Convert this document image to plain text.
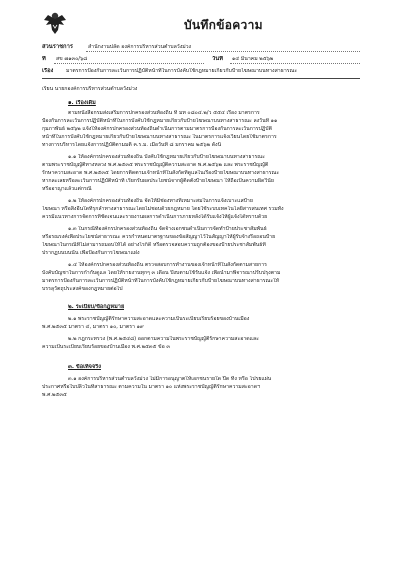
บันทึกข้อความ
ส่วนราชการ	สำนักงานปลัด องค์การบริหารส่วนตำบลวังม่วง
ที่ สข ๗๑๓๐/๖๘	วันที่ ๑๔ มีนาคม ๒๕๖๒
เรื่อง มาตรการป้องกันการละเว้นการปฏิบัติหน้าที่ในการบังคับใช้กฎหมายเกี่ยวกับป้ายโฆษณาบนทางสาธารณะ
เรียน นายกองค์การบริหารส่วนตำบลวังม่วง
๑. เรื่องเดิม
ตามหนังสือกรมส่งเสริมการปกครองส่วนท้องถิ่น ที่ มท ๐๘๐๔.๒/ว ๕๕๔ เรื่อง มาตรการ
ป้องกันการละเว้นการปฏิบัติหน้าที่ในการบังคับใช้กฎหมายเกี่ยวกับป้ายโฆษณาบนทางสาธารณะ ลงวันที่ ๑๑
กุมภาพันธ์ ๒๕๖๒ แจ้งให้องค์กรปกครองส่วนท้องถิ่นดำเนินการตามมาตรการป้องกันการละเว้นการปฏิบัติ
หน้าที่ในการบังคับใช้กฎหมายเกี่ยวกับป้ายโฆษณาบนทางสาธารณะ ในมาตรการแจ้งเวียนโดยใช้มาตรการ
ทางการบริหารโดยแจ้งการปฏิบัติตามมติ ค.ร.ม. เมื่อวันที่ ๘ มกราคม ๒๕๖๒ ดังนี้
๑.๑ ให้องค์กรปกครองส่วนท้องถิ่น บังคับใช้กฎหมายเกี่ยวกับป้ายโฆษณาบนทางสาธารณะ
ตามพระราชบัญญัติทางหลวง พ.ศ.๒๕๓๕ พระราชบัญญัติความสะอาด พ.ศ.๒๕๖๒ และ พระราชบัญญัติ
รักษาความสะอาด พ.ศ.๒๕๓๕ โดยการติดตามเจ้าหน้าที่ในสังกัดที่ดูแลในเรื่องป้ายโฆษณาบนทางสาธารณะ
หากละเลยหรือละเว้นการปฏิบัติหน้าที่ เรียกรับผลประโยชน์จากผู้ติดตั้งป้ายโฆษณา ให้ถือเป็นความผิดวินัย
หรืออาญาแล้วแต่กรณี
๑.๒ ให้องค์กรปกครองส่วนท้องถิ่น จัดให้มีช่องทางที่เหมาะสมในการแจ้งเบาะแสป้าย
โฆษณา หรือสิ่งอื่นใดที่รุกล้ำทางสาธารณะโดยไม่ชอบด้วยกฎหมาย โดยใช้ระบบเทคโนโลยีสารสนเทศ รวมทั้ง
ควรมีแนวทางการจัดการที่ชัดเจนและรายงานผลการดำเนินการภายหลังได้รับแจ้งให้ผู้แจ้งได้ทราบด้วย
๑.๓ ในกรณีที่องค์กรปกครองส่วนท้องถิ่น จัดจ้างเอกชนดำเนินการจัดทำป้ายประชาสัมพันธ์
หรือรณรงค์เพื่อประโยชน์สาธารณะ ควรกำหนดมาตรฐานของข้อสัญญาไว้ในสัญญาให้ผู้รับจ้างรื้อถอนป้าย
โฆษณาในกรณีที่ไม่สามารถมอบให้ได้ อย่างไรก็ดี หรือตรวจสอบความถูกต้องของป้ายประชาสัมพันธ์ที่
ปรากฏบนบนนั้น เพื่อป้องกันการโฆษณาแฝง
๑.๔ ให้องค์กรปกครองส่วนท้องถิ่น ตรวจสอบการทำงานของเจ้าหน้าที่ในสังกัดตามสายการ
บังคับบัญชาในการกำกับดูแล โดยให้รายงานทุกๆ ๓ เดือน ปีงบตามใช้รับแจ้ง เพื่อนำมาพิจารณาปรับปรุงตาม
มาตรการป้องกันการละเว้นการปฏิบัติหน้าที่ในการบังคับใช้กฎหมายเกี่ยวกับป้ายโฆษณาบนทางสาธารณะให้
บรรลุวัตถุประสงค์ของกฎหมายต่อไป
๒. ระเบียบ/ข้อกฎหมาย
๒.๑ พระราชบัญญัติรักษาความสะอาดและความเป็นระเบียบเรียบร้อยของบ้านเมือง
พ.ศ.๒๕๓๕ มาตรา ๔, มาตรา ๑๐, มาตรา ๑๙
๒.๒ กฎกระทรวง (พ.ศ.๒๕๔๘) ออกตามความในพระราชบัญญัติรักษาความสะอาดและ
ความเป็นระเบียบเรียบร้อยของบ้านเมือง พ.ศ.๒๕๓๕ ข้อ ๓
๓. ข้อเท็จจริง
๓.๑ องค์การบริหารส่วนตำบลวังม่วง ไม่มีการอนุญาตให้เอกชนรายใด ปิด ทิ้ง หรือ โปรยแผ่น
ประกาศหรือใบปลิวในที่สาธารณะ ตามความใน มาตรา ๑๐ แห่งพระราชบัญญัติรักษาความสะอาดฯ
พ.ศ.๒๕๓๕
